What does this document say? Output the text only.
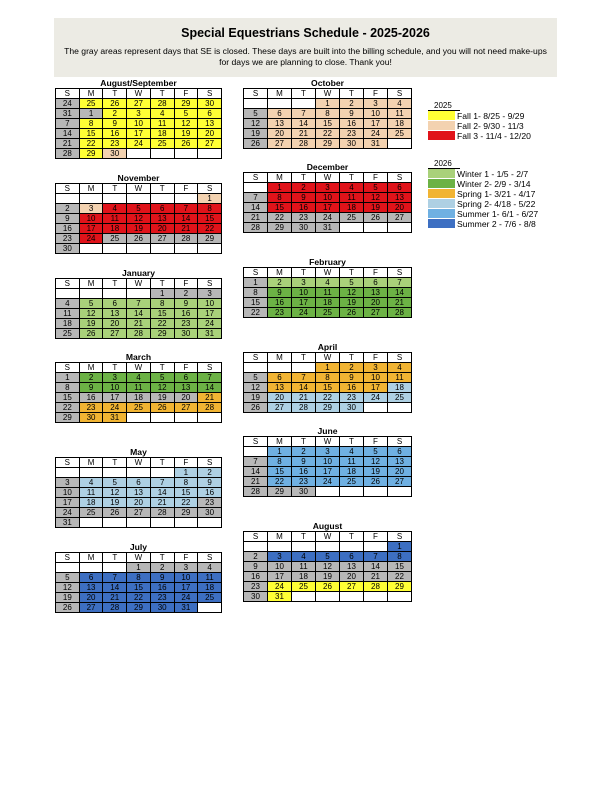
Special Equestrians Schedule - 2025-2026
The gray areas represent days that SE is closed. These days are built into the billing schedule, and you will not need make-ups for days we are planning to close. Thank you!
August/September
S	M	T	W	T	F	S
24	25	26	27	28	29	30
31	1	2	3	4	5	6
7	8	9	10	11	12	13
14	15	16	17	18	19	20
21	22	23	24	25	26	27
28	29	30				
October
S	M	T	W	T	F	S
			1	2	3	4
5	6	7	8	9	10	11
12	13	14	15	16	17	18
19	20	21	22	23	24	25
26	27	28	29	30	31	
November
S	M	T	W	T	F	S
						1
2	3	4	5	6	7	8
9	10	11	12	13	14	15
16	17	18	19	20	21	22
23	24	25	26	27	28	29
30						
December
S	M	T	W	T	F	S
	1	2	3	4	5	6
7	8	9	10	11	12	13
14	15	16	17	18	19	20
21	22	23	24	25	26	27
28	29	30	31			
January
S	M	T	W	T	F	S
				1	2	3
4	5	6	7	8	9	10
11	12	13	14	15	16	17
18	19	20	21	22	23	24
25	26	27	28	29	30	31
February
S	M	T	W	T	F	S
1	2	3	4	5	6	7
8	9	10	11	12	13	14
15	16	17	18	19	20	21
22	23	24	25	26	27	28
March
S	M	T	W	T	F	S
1	2	3	4	5	6	7
8	9	10	11	12	13	14
15	16	17	18	19	20	21
22	23	24	25	26	27	28
29	30	31				
April
S	M	T	W	T	F	S
			1	2	3	4
5	6	7	8	9	10	11
12	13	14	15	16	17	18
19	20	21	22	23	24	25
26	27	28	29	30		
May
S	M	T	W	T	F	S
					1	2
3	4	5	6	7	8	9
10	11	12	13	14	15	16
17	18	19	20	21	22	23
24	25	26	27	28	29	30
31						
June
S	M	T	W	T	F	S
	1	2	3	4	5	6
7	8	9	10	11	12	13
14	15	16	17	18	19	20
21	22	23	24	25	26	27
28	29	30				
July
S	M	T	W	T	F	S
			1	2	3	4
5	6	7	8	9	10	11
12	13	14	15	16	17	18
19	20	21	22	23	24	25
26	27	28	29	30	31	
August
S	M	T	W	T	F	S
						1
2	3	4	5	6	7	8
9	10	11	12	13	14	15
16	17	18	19	20	21	22
23	24	25	26	27	28	29
30	31					
2025
Fall 1- 8/25 - 9/29
Fall 2- 9/30 - 11/3
Fall 3 - 11/4 - 12/20
2026
Winter 1 - 1/5 - 2/7
Winter 2- 2/9 - 3/14
Spring 1- 3/21 - 4/17
Spring 2- 4/18 - 5/22
Summer 1- 6/1 - 6/27
Summer 2 - 7/6 - 8/8
